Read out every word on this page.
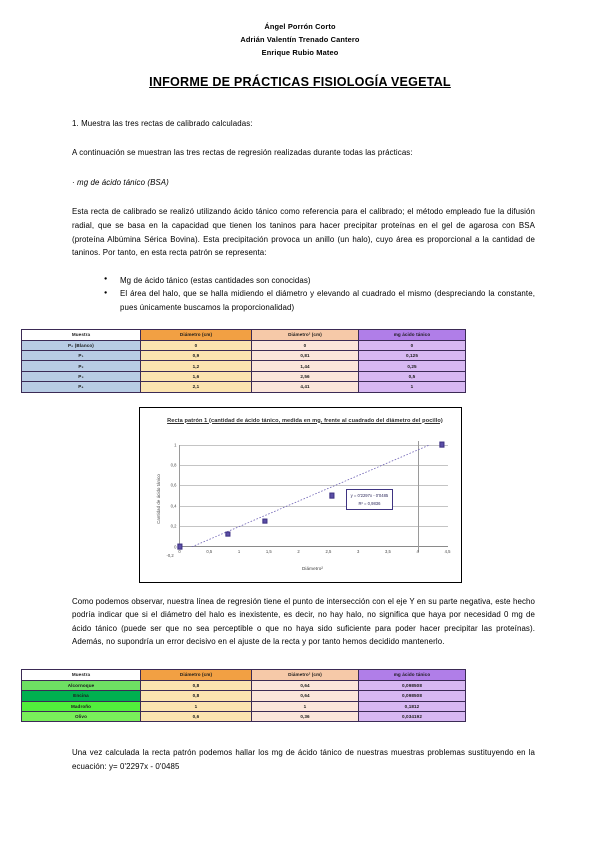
Ángel Porrón Corto
Adrián Valentín Trenado Cantero
Enrique Rubio Mateo
INFORME DE PRÁCTICAS FISIOLOGÍA VEGETAL

1. Muestra las tres rectas de calibrado calculadas:

A continuación se muestran las tres rectas de regresión realizadas durante todas las prácticas:

· mg de ácido tánico (BSA)

Esta recta de calibrado se realizó utilizando ácido tánico como referencia para el calibrado; el método empleado fue la difusión radial, que se basa en la capacidad que tienen los taninos para hacer precipitar proteínas en el gel de agarosa con BSA (proteína Albúmina Sérica Bovina). Esta precipitación provoca un anillo (un halo), cuyo área es proporcional a la cantidad de taninos. Por tanto, en esta recta patrón se representa:

● Mg de ácido tánico (estas cantidades son conocidas)
● El área del halo, que se halla midiendo el diámetro y elevando al cuadrado el mismo (despreciando la constante, pues únicamente buscamos la proporcionalidad)
Muestra	Diámetro (cm)	Diámetro² (cm)	mg ácido tánico
P₀ (Blanco)	0	0	0
P₁	0,9	0,81	0,125
P₂	1,2	1,44	0,25
P₃	1,6	2,56	0,5
P₄	2,1	4,41	1
Recta patrón 1 (cantidad de ácido tánico, medida en mg, frente al cuadrado del diámetro del pocillo)
Cantidad de ácido tánico
-0,2
1
0,8
0,6
0,4
0,2
0
0	0,5	1	1,5	2	2,5	3	3,5	4	4,5
y = 0'2297x - 0'0485
R² = 0,9836
Diámetro²

Como podemos observar, nuestra línea de regresión tiene el punto de intersección con el eje Y en su parte negativa, este hecho podría indicar que si el diámetro del halo es inexistente, es decir, no hay halo, no significa que haya por necesidad 0 mg de ácido tánico (puede ser que no sea perceptible o que no haya sido suficiente para poder hacer precipitar las proteínas). Además, no supondría un error decisivo en el ajuste de la recta y por tanto hemos decidido mantenerlo.

Muestra	Diámetro (cm)	Diámetro² (cm)	mg ácido tánico
Alcornoque	0,8	0,64	0,098508
Encina	0,8	0,64	0,098508
Madroño	1	1	0,1812
Olivo	0,6	0,36	0,034192

Una vez calculada la recta patrón podemos hallar los mg de ácido tánico de nuestras muestras problemas sustituyendo en la ecuación: y= 0'2297x - 0'0485
